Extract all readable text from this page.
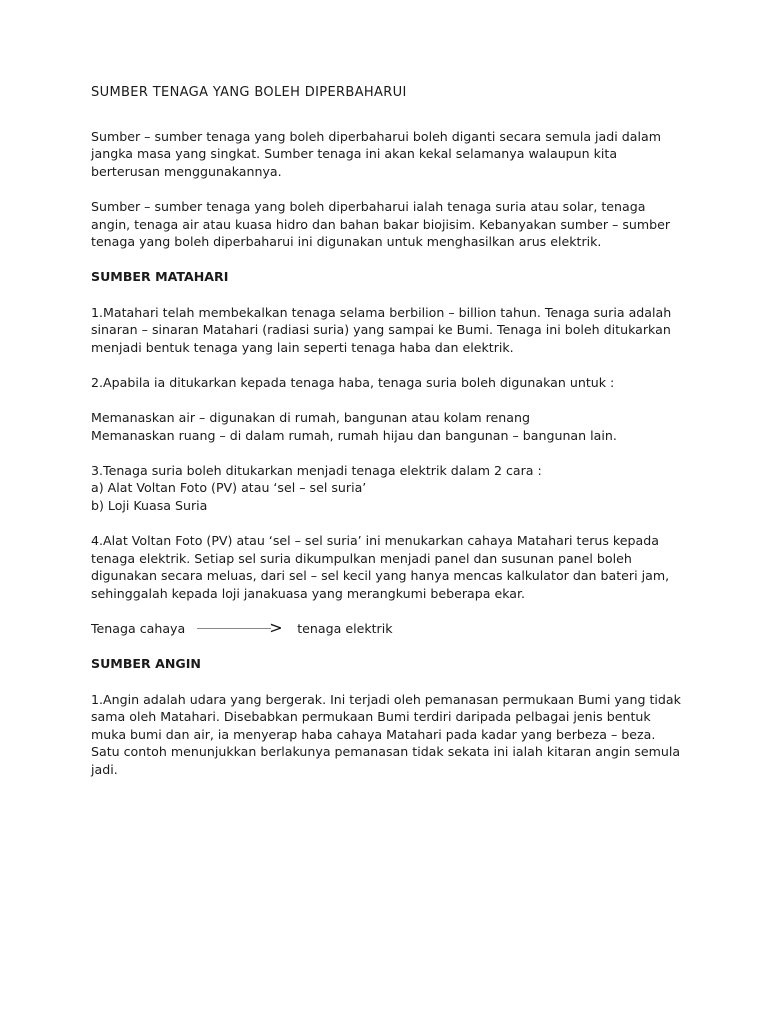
SUMBER TENAGA YANG BOLEH DIPERBAHARUI

Sumber – sumber tenaga yang boleh diperbaharui boleh diganti secara semula jadi dalam
jangka masa yang singkat. Sumber tenaga ini akan kekal selamanya walaupun kita
berterusan menggunakannya.

Sumber – sumber tenaga yang boleh diperbaharui ialah tenaga suria atau solar, tenaga
angin, tenaga air atau kuasa hidro dan bahan bakar biojisim. Kebanyakan sumber – sumber
tenaga yang boleh diperbaharui ini digunakan untuk menghasilkan arus elektrik.

SUMBER MATAHARI

1.Matahari telah membekalkan tenaga selama berbilion – billion tahun. Tenaga suria adalah
sinaran – sinaran Matahari (radiasi suria) yang sampai ke Bumi. Tenaga ini boleh ditukarkan
menjadi bentuk tenaga yang lain seperti tenaga haba dan elektrik.

2.Apabila ia ditukarkan kepada tenaga haba, tenaga suria boleh digunakan untuk :

Memanaskan air – digunakan di rumah, bangunan atau kolam renang
Memanaskan ruang – di dalam rumah, rumah hijau dan bangunan – bangunan lain.

3.Tenaga suria boleh ditukarkan menjadi tenaga elektrik dalam 2 cara :
a) Alat Voltan Foto (PV) atau ‘sel – sel suria’
b) Loji Kuasa Suria

4.Alat Voltan Foto (PV) atau ‘sel – sel suria’ ini menukarkan cahaya Matahari terus kepada
tenaga elektrik. Setiap sel suria dikumpulkan menjadi panel dan susunan panel boleh
digunakan secara meluas, dari sel – sel kecil yang hanya mencas kalkulator dan bateri jam,
sehinggalah kepada loji janakuasa yang merangkumi beberapa ekar.

Tenaga cahaya	> tenaga elektrik
SUMBER ANGIN

1.Angin adalah udara yang bergerak. Ini terjadi oleh pemanasan permukaan Bumi yang tidak
sama oleh Matahari. Disebabkan permukaan Bumi terdiri daripada pelbagai jenis bentuk
muka bumi dan air, ia menyerap haba cahaya Matahari pada kadar yang berbeza – beza.
Satu contoh menunjukkan berlakunya pemanasan tidak sekata ini ialah kitaran angin semula
jadi.
